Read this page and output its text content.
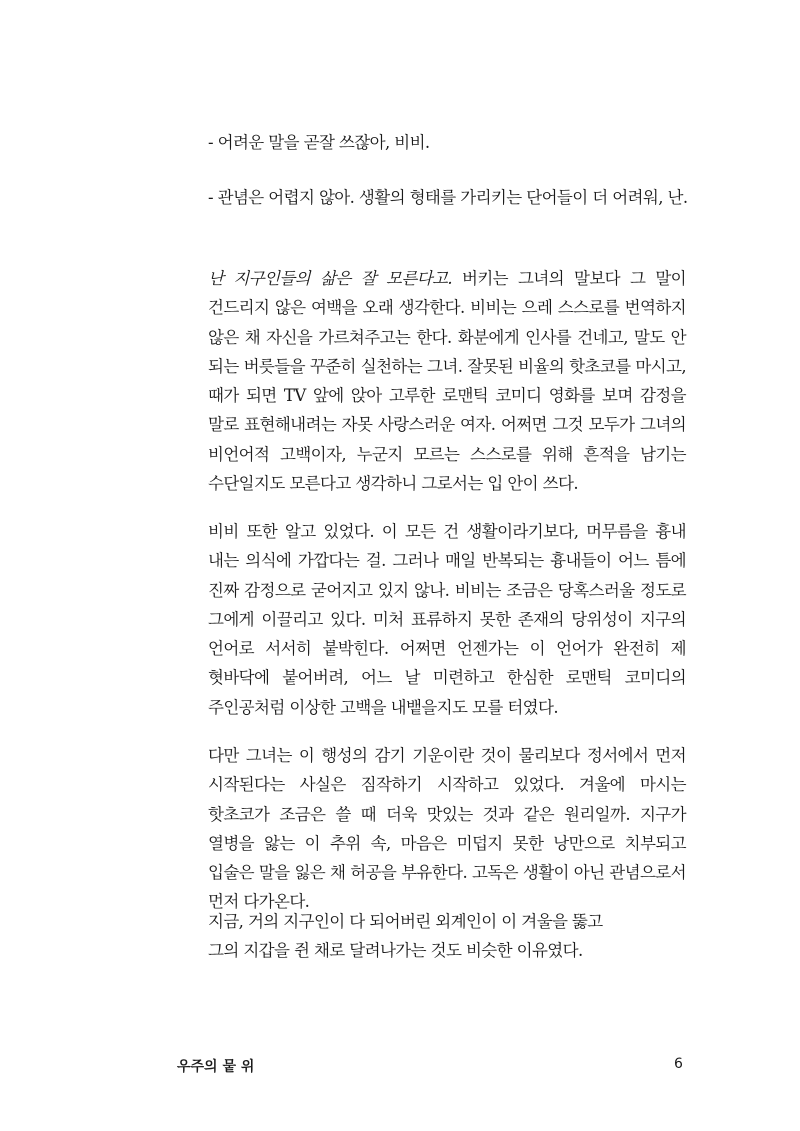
- 어려운 말을 곧잘 쓰잖아, 비비.
- 관념은 어렵지 않아. 생활의 형태를 가리키는 단어들이 더 어려워, 난.
난 지구인들의 삶은 잘 모른다고. 버키는 그녀의 말보다 그 말이 건드리지 않은 여백을 오래 생각한다. 비비는 으레 스스로를 번역하지 않은 채 자신을 가르쳐주고는 한다. 화분에게 인사를 건네고, 말도 안 되는 버릇들을 꾸준히 실천하는 그녀. 잘못된 비율의 핫초코를 마시고, 때가 되면 TV 앞에 앉아 고루한 로맨틱 코미디 영화를 보며 감정을 말로 표현해내려는 자못 사랑스러운 여자. 어쩌면 그것 모두가 그녀의 비언어적 고백이자, 누군지 모르는 스스로를 위해 흔적을 남기는 수단일지도 모른다고 생각하니 그로서는 입 안이 쓰다.
비비 또한 알고 있었다. 이 모든 건 생활이라기보다, 머무름을 흉내 내는 의식에 가깝다는 걸. 그러나 매일 반복되는 흉내들이 어느 틈에 진짜 감정으로 굳어지고 있지 않나. 비비는 조금은 당혹스러울 정도로 그에게 이끌리고 있다. 미처 표류하지 못한 존재의 당위성이 지구의 언어로 서서히 붙박힌다. 어쩌면 언젠가는 이 언어가 완전히 제 혓바닥에 붙어버려, 어느 날 미련하고 한심한 로맨틱 코미디의 주인공처럼 이상한 고백을 내뱉을지도 모를 터였다.
다만 그녀는 이 행성의 감기 기운이란 것이 물리보다 정서에서 먼저 시작된다는 사실은 짐작하기 시작하고 있었다. 겨울에 마시는 핫초코가 조금은 쓸 때 더욱 맛있는 것과 같은 원리일까. 지구가 열병을 앓는 이 추위 속, 마음은 미덥지 못한 낭만으로 치부되고 입술은 말을 잃은 채 허공을 부유한다. 고독은 생활이 아닌 관념으로서 먼저 다가온다.
지금, 거의 지구인이 다 되어버린 외계인이 이 겨울을 뚫고
그의 지갑을 쥔 채로 달려나가는 것도 비슷한 이유였다.
우주의 뭍 위	6
